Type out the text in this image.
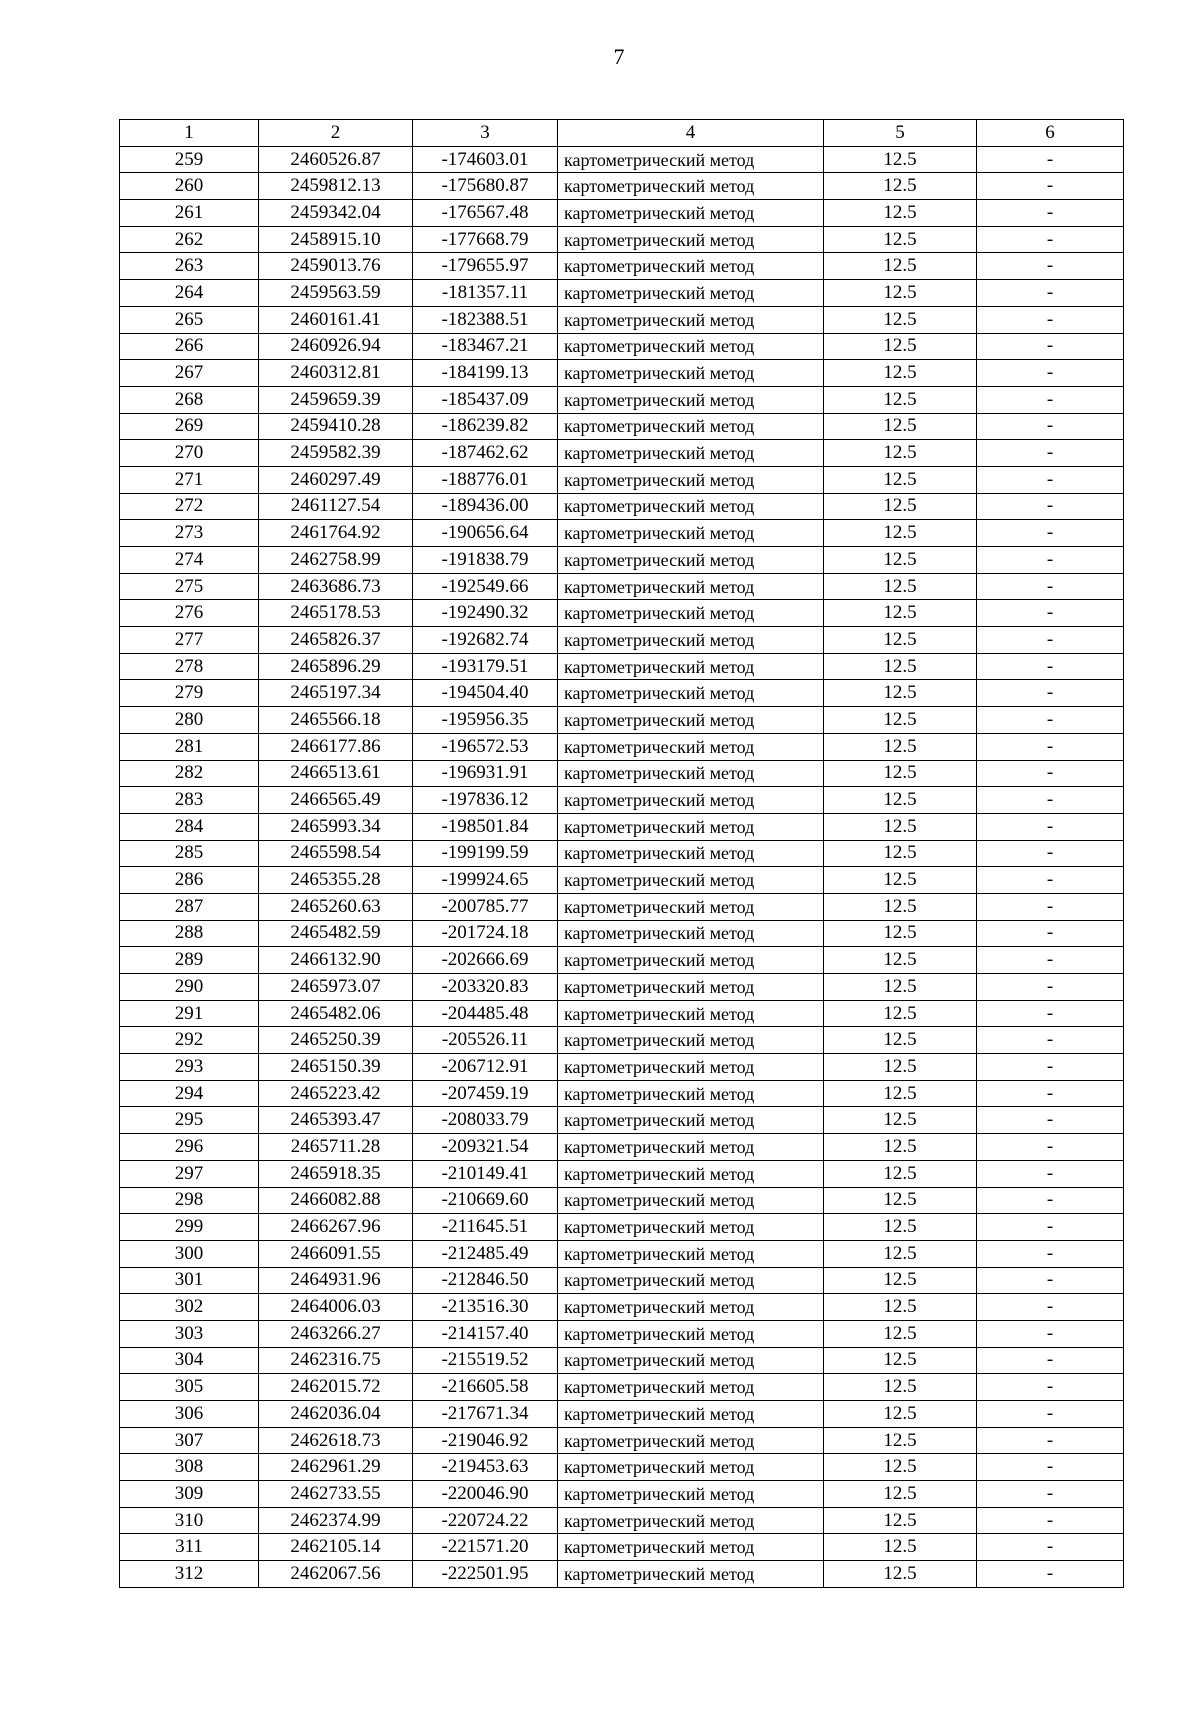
7
1	2	3	4	5	6
259	2460526.87	-174603.01	картометрический метод	12.5	-
260	2459812.13	-175680.87	картометрический метод	12.5	-
261	2459342.04	-176567.48	картометрический метод	12.5	-
262	2458915.10	-177668.79	картометрический метод	12.5	-
263	2459013.76	-179655.97	картометрический метод	12.5	-
264	2459563.59	-181357.11	картометрический метод	12.5	-
265	2460161.41	-182388.51	картометрический метод	12.5	-
266	2460926.94	-183467.21	картометрический метод	12.5	-
267	2460312.81	-184199.13	картометрический метод	12.5	-
268	2459659.39	-185437.09	картометрический метод	12.5	-
269	2459410.28	-186239.82	картометрический метод	12.5	-
270	2459582.39	-187462.62	картометрический метод	12.5	-
271	2460297.49	-188776.01	картометрический метод	12.5	-
272	2461127.54	-189436.00	картометрический метод	12.5	-
273	2461764.92	-190656.64	картометрический метод	12.5	-
274	2462758.99	-191838.79	картометрический метод	12.5	-
275	2463686.73	-192549.66	картометрический метод	12.5	-
276	2465178.53	-192490.32	картометрический метод	12.5	-
277	2465826.37	-192682.74	картометрический метод	12.5	-
278	2465896.29	-193179.51	картометрический метод	12.5	-
279	2465197.34	-194504.40	картометрический метод	12.5	-
280	2465566.18	-195956.35	картометрический метод	12.5	-
281	2466177.86	-196572.53	картометрический метод	12.5	-
282	2466513.61	-196931.91	картометрический метод	12.5	-
283	2466565.49	-197836.12	картометрический метод	12.5	-
284	2465993.34	-198501.84	картометрический метод	12.5	-
285	2465598.54	-199199.59	картометрический метод	12.5	-
286	2465355.28	-199924.65	картометрический метод	12.5	-
287	2465260.63	-200785.77	картометрический метод	12.5	-
288	2465482.59	-201724.18	картометрический метод	12.5	-
289	2466132.90	-202666.69	картометрический метод	12.5	-
290	2465973.07	-203320.83	картометрический метод	12.5	-
291	2465482.06	-204485.48	картометрический метод	12.5	-
292	2465250.39	-205526.11	картометрический метод	12.5	-
293	2465150.39	-206712.91	картометрический метод	12.5	-
294	2465223.42	-207459.19	картометрический метод	12.5	-
295	2465393.47	-208033.79	картометрический метод	12.5	-
296	2465711.28	-209321.54	картометрический метод	12.5	-
297	2465918.35	-210149.41	картометрический метод	12.5	-
298	2466082.88	-210669.60	картометрический метод	12.5	-
299	2466267.96	-211645.51	картометрический метод	12.5	-
300	2466091.55	-212485.49	картометрический метод	12.5	-
301	2464931.96	-212846.50	картометрический метод	12.5	-
302	2464006.03	-213516.30	картометрический метод	12.5	-
303	2463266.27	-214157.40	картометрический метод	12.5	-
304	2462316.75	-215519.52	картометрический метод	12.5	-
305	2462015.72	-216605.58	картометрический метод	12.5	-
306	2462036.04	-217671.34	картометрический метод	12.5	-
307	2462618.73	-219046.92	картометрический метод	12.5	-
308	2462961.29	-219453.63	картометрический метод	12.5	-
309	2462733.55	-220046.90	картометрический метод	12.5	-
310	2462374.99	-220724.22	картометрический метод	12.5	-
311	2462105.14	-221571.20	картометрический метод	12.5	-
312	2462067.56	-222501.95	картометрический метод	12.5	-
